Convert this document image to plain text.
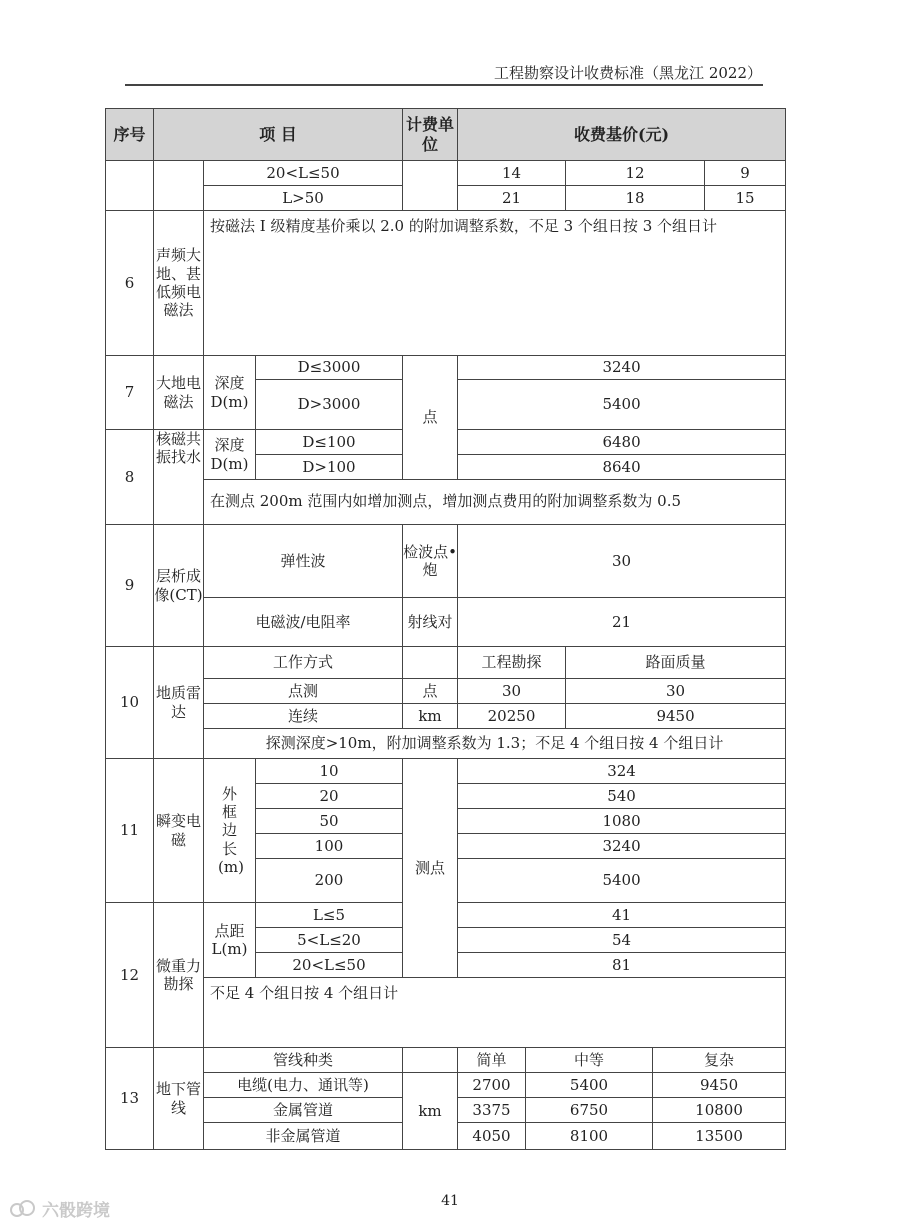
工程勘察设计收费标准（黑龙江 2022）
序号	项 目			计费单位	收费基价(元)				
		20<L≤50			14		12		9
		L>50			21		18		15
6	声频大地、甚低频电磁法	按磁法 I 级精度基价乘以 2.0 的附加调整系数，不足 3 个组日按 3 个组日计							
7	大地电磁法	深度D(m)	D≤3000	点	3240				
			D>3000		5400				
8	核磁共振找水	深度D(m)	D≤100		6480				
			D>100		8640				
		在测点 200m 范围内如增加测点，增加测点费用的附加调整系数为 0.5							
9	层析成像(CT)	弹性波		检波点•炮	30				
		电磁波/电阻率		射线对	21				
10	地质雷达	工作方式			工程勘探		路面质量		
		点测		点	30		30		
		连续		km	20250		9450		
		探测深度>10m，附加调整系数为 1.3；不足 4 个组日按 4 个组日计							
11	瞬变电磁	外框边长(m)	10	测点	324				
			20		540				
			50		1080				
			100		3240				
			200		5400				
12	微重力勘探	点距L(m)	L≤5		41				
			5<L≤20		54				
			20<L≤50		81				
		不足 4 个组日按 4 个组日计							
13	地下管线	管线种类			简单	中等		复杂	
		电缆(电力、通讯等)		km	2700	5400		9450	
		金属管道			3375	6750		10800	
		非金属管道			4050	8100		13500	
41
六骰跨境
